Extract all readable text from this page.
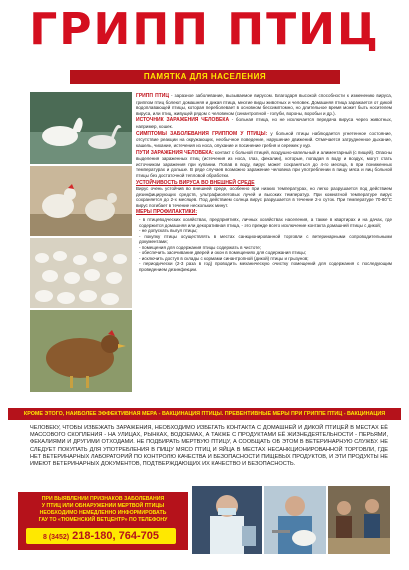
ГРИПП ПТИЦ
ПАМЯТКА ДЛЯ НАСЕЛЕНИЯ

ГРИПП ПТИЦ - заразное заболевание, вызываемое вирусом. Благодаря высокой способности к изменению вируса, гриппом птиц болеют домашняя и дикая птица, многие виды животных и человек. Домашняя птица заражается от дикой водоплавающей птицы, которая переболевает в основном бессимптомно, но длительное время может быть носителем вируса, или птиц, живущей рядом с человеком (синантропной - голуби, вороны, воробьи и др.).

ИСТОЧНИК ЗАРАЖЕНИЯ ЧЕЛОВЕКА - больная птица, но не исключается передача вируса через животных, например, кошек.

СИМПТОМЫ ЗАБОЛЕВАНИЯ ГРИППОМ У ПТИЦЫ: у больной птицы наблюдается угнетенное состояние, отсутствие реакции на окружающих, необычное поведение, нарушение движений. Отмечается затрудненное дыхание, кашель, чихание, истечения из носа, опухание и посинение гребня и сережек у кур.

ПУТИ ЗАРАЖЕНИЯ ЧЕЛОВЕКА: контакт с больной птицей, воздушно-капельный и алиментарный (с пищей). Опасны выделения зараженных птиц (истечения из носа, глаз, фекалии), которые, попадая в воду и воздух, могут стать источником заражения при купании. Попав в воду, вирус может сохраняться до 4-го месяца, в при пониженных температурах и дольше. В ряде случаев возможно заражение человека при употреблении в пищу мяса и яиц больной птицы без достаточной тепловой обработки.

УСТОЙЧИВОСТЬ ВИРУСА ВО ВНЕШНЕЙ СРЕДЕ
Вирус очень устойчив во внешней среде, особенно при низких температурах, но легко разрушается под действием дезинфицирующих средств, ультрафиолетовых лучей и высоких температур. При комнатной температуре вирус сохраняется до 2-х месяцев. Под действием солнца вирус разрушается в течение 2-х суток. При температуре 70-80°С вирус погибает в течение нескольких минут.

МЕРЫ ПРОФИЛАКТИКИ:

- в птицеводческих хозяйствах, предприятиях, личных хозяйствах населения, а также в квартирах и на дачах, где содержится домашняя или декоративная птица, - это прежде всего исключение контакта домашней птицы с дикой;
- не допускать выгул птицы;
- покупку птицы осуществлять в местах санкционированной торговли с ветеринарными сопроводительными документами;
- помещения для содержания птицы содержать в чистоте;
- обеспечить засечивание дверей и окон в помещениях для содержания птицы;
- исключить доступ в склады с кормами синантропной (дикой) птицы и грызунов;
- периодически (2-3 раза в год) проводить механическую очистку помещений для содержания с последующим проведением дезинфекции.
КРОМЕ ЭТОГО, НАИБОЛЕЕ ЭФФЕКТИВНАЯ МЕРА - ВАКЦИНАЦИЯ ПТИЦЫ. ПРЕВЕНТИВНЫЕ МЕРЫ ПРИ ГРИППЕ ПТИЦ - ВАКЦИНАЦИЯ
ЧЕЛОВЕКУ, ЧТОБЫ ИЗБЕЖАТЬ ЗАРАЖЕНИЯ, НЕОБХОДИМО ИЗБЕГАТЬ КОНТАКТА С ДОМАШНЕЙ И ДИКОЙ ПТИЦЕЙ В МЕСТАХ ЕЁ МАССОВОГО СКОПЛЕНИЯ - НА УЛИЦАХ, РЫНКАХ, ВОДОЕМАХ, А ТАКЖЕ С ПРОДУКТАМИ ЕЁ ЖИЗНЕДЕЯТЕЛЬНОСТИ - ПЕРЬЯМИ, ФЕКАЛИЯМИ И ДРУГИМИ ОТХОДАМИ. НЕ ПОДБИРАТЬ МЕРТВУЮ ПТИЦУ, А СООБЩАТЬ ОБ ЭТОМ В ВЕТЕРИНАРНУЮ СЛУЖБУ. НЕ СЛЕДУЕТ ПОКУПАТЬ ДЛЯ УПОТРЕБЛЕНИЯ В ПИЩУ МЯСО ПТИЦ И ЯЙЦА В МЕСТАХ НЕСАНКЦИОНИРОВАННОЙ ТОРГОВЛИ, ГДЕ НЕТ ВЕТЕРИНАРНЫХ ЛАБОРАТОРИЙ ПО КОНТРОЛЮ КАЧЕСТВА И БЕЗОПАСНОСТИ ПИЩЕВЫХ ПРОДУКТОВ, И ЭТИ ПРОДУКТЫ НЕ ИМЕЮТ ВЕТЕРИНАРНЫХ ДОКУМЕНТОВ, ПОДТВЕРЖДАЮЩИХ ИХ КАЧЕСТВО И БЕЗОПАСНОСТЬ.
ПРИ ВЫЯВЛЕНИИ ПРИЗНАКОВ ЗАБОЛЕВАНИЯ
У ПТИЦ ИЛИ ОБНАРУЖЕНИИ МЕРТВОЙ ПТИЦЫ
НЕОБХОДИМО НЕМЕДЛЕННО ИНФОРМИРОВАТЬ
ГАУ ТО «ТЮМЕНСКИЙ ВЕТЦЕНТР» ПО ТЕЛЕФОНУ
8 (3452) 218-180, 764-705
